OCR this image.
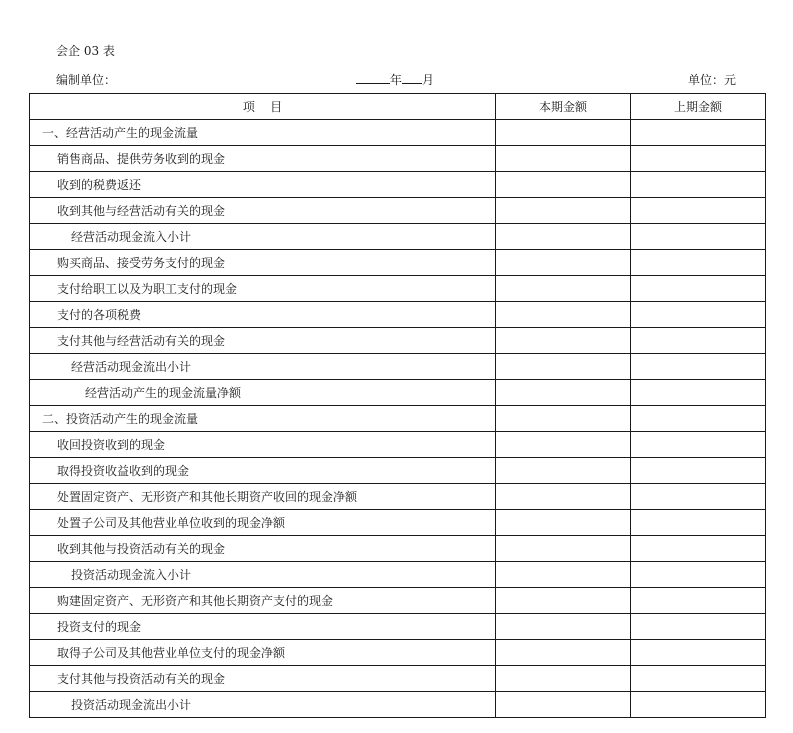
会企 03 表
编制单位：	年 月	单位：元
项    目	本期金额	上期金额
一、经营活动产生的现金流量		
销售商品、提供劳务收到的现金		
收到的税费返还		
收到其他与经营活动有关的现金		
经营活动现金流入小计		
购买商品、接受劳务支付的现金		
支付给职工以及为职工支付的现金		
支付的各项税费		
支付其他与经营活动有关的现金		
经营活动现金流出小计		
经营活动产生的现金流量净额		
二、投资活动产生的现金流量		
收回投资收到的现金		
取得投资收益收到的现金		
处置固定资产、无形资产和其他长期资产收回的现金净额		
处置子公司及其他营业单位收到的现金净额		
收到其他与投资活动有关的现金		
投资活动现金流入小计		
购建固定资产、无形资产和其他长期资产支付的现金		
投资支付的现金		
取得子公司及其他营业单位支付的现金净额		
支付其他与投资活动有关的现金		
投资活动现金流出小计		
